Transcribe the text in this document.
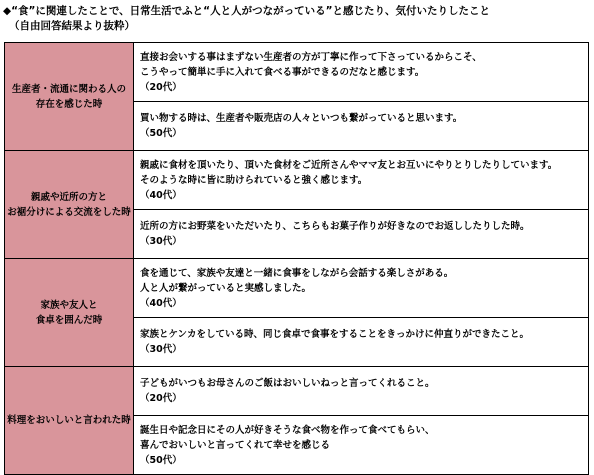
◆“食”に関連したことで、日常生活でふと“人と人がつながっている”と感じたり、気付いたりしたこと
（自由回答結果より抜粋）
生産者・流通に関わる人の
存在を感じた時	直接お会いする事はまずない生産者の方が丁寧に作って下さっているからこそ、
こうやって簡単に手に入れて食べる事ができるのだなと感じます。
（20代）

	買い物する時は、生産者や販売店の人々といつも繋がっていると思います。
（50代）

親戚や近所の方と
お裾分けによる交流をした時	親戚に食材を頂いたり、頂いた食材をご近所さんやママ友とお互いにやりとりしたりしています。
そのような時に皆に助けられていると強く感じます。
（40代）

	近所の方にお野菜をいただいたり、こちらもお菓子作りが好きなのでお返ししたりした時。
（30代）

家族や友人と
食卓を囲んだ時	食を通じて、家族や友達と一緒に食事をしながら会話する楽しさがある。
人と人が繋がっていると実感しました。
（40代）

	家族とケンカをしている時、同じ食卓で食事をすることをきっかけに仲直りができたこと。
（30代）

料理をおいしいと言われた時	子どもがいつもお母さんのご飯はおいしいねっと言ってくれること。
（20代）

	誕生日や記念日にその人が好きそうな食べ物を作って食べてもらい、
喜んでおいしいと言ってくれて幸せを感じる
（50代）
